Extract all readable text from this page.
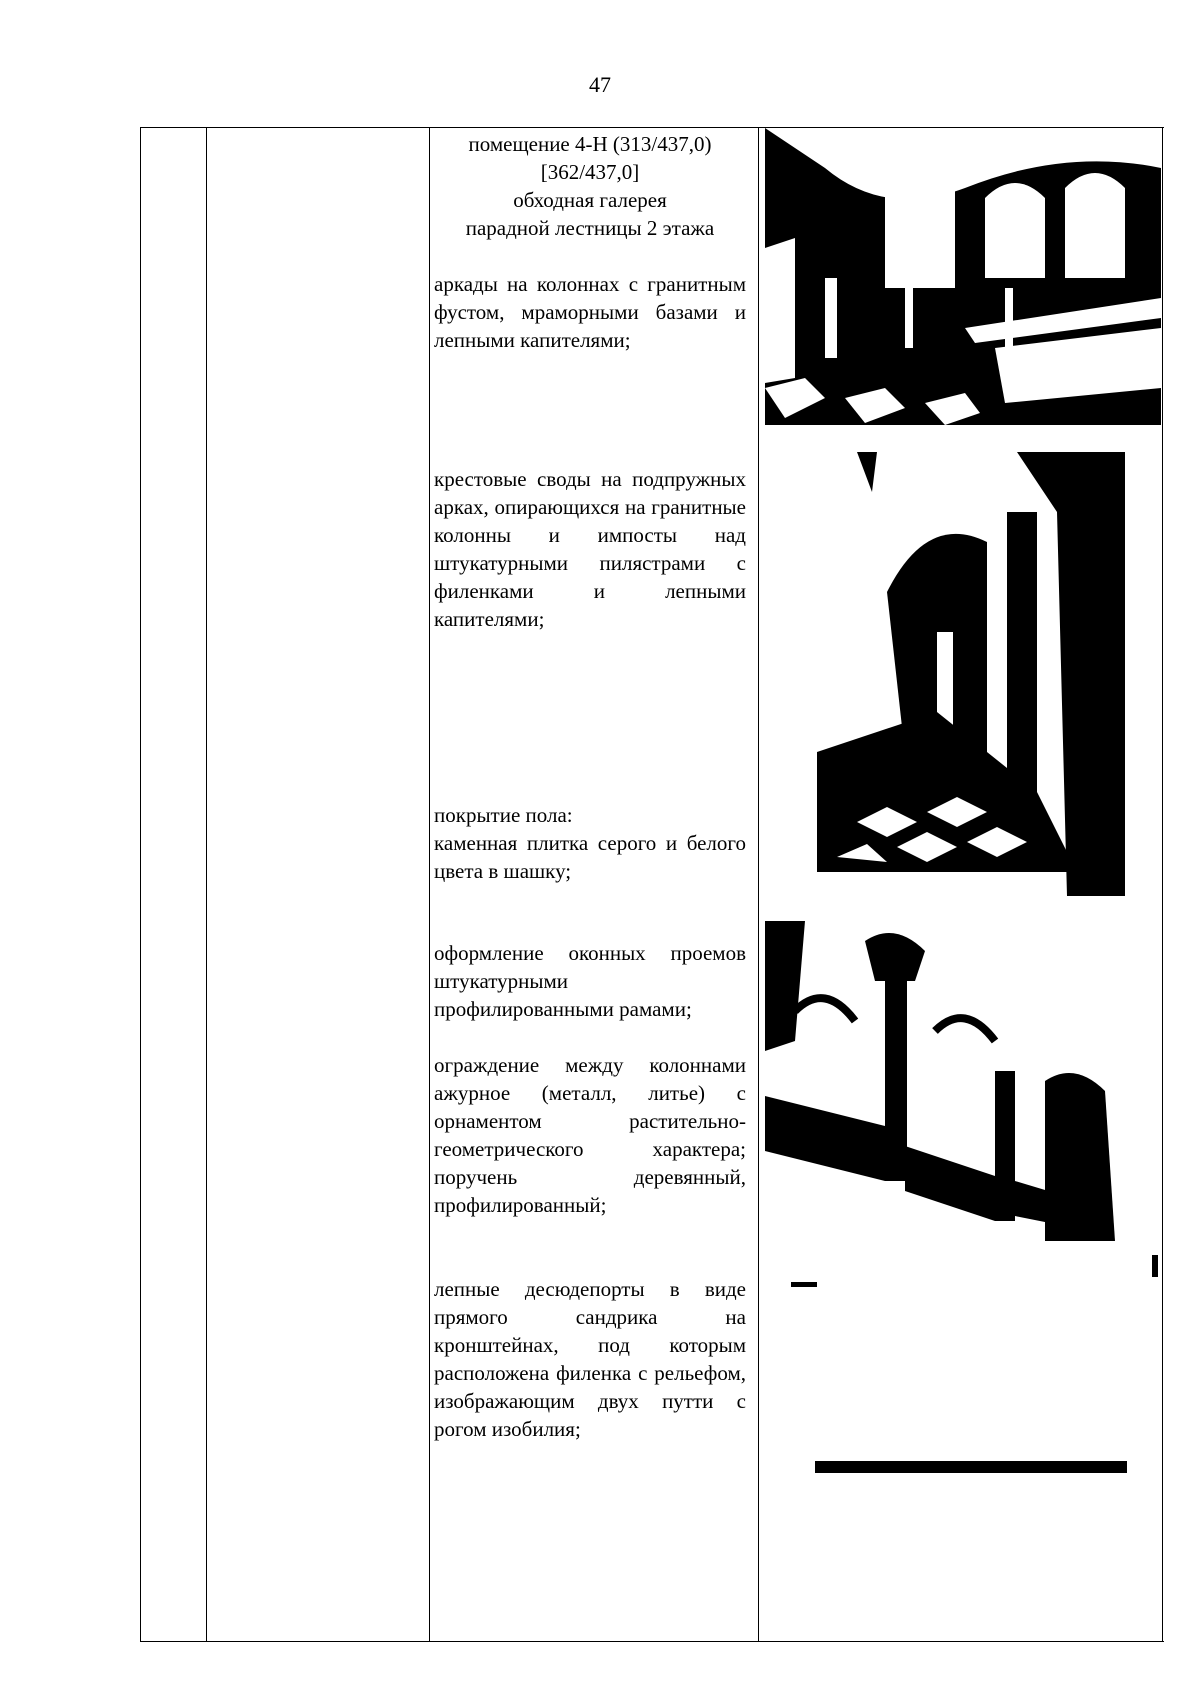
47

помещение 4-Н (313/437,0)

[362/437,0]

обходная галерея

парадной лестницы 2 этажа

аркады на колоннах с гранитным фустом, мраморными базами и лепными капителями;

крестовые своды на подпружных арках, опирающихся на гранитные колонны и импосты над штукатурными пилястрами с филенками и лепными капителями;

покрытие пола:

каменная плитка серого и белого цвета в шашку;

оформление оконных проемов штукатурными профилированными рамами;

ограждение между колоннами ажурное (металл, литье) с орнаментом растительно-геометрического характера; поручень деревянный, профилированный;

лепные десюдепорты в виде прямого сандрика на кронштейнах, под которым расположена филенка с рельефом, изображающим двух путти с рогом изобилия;
